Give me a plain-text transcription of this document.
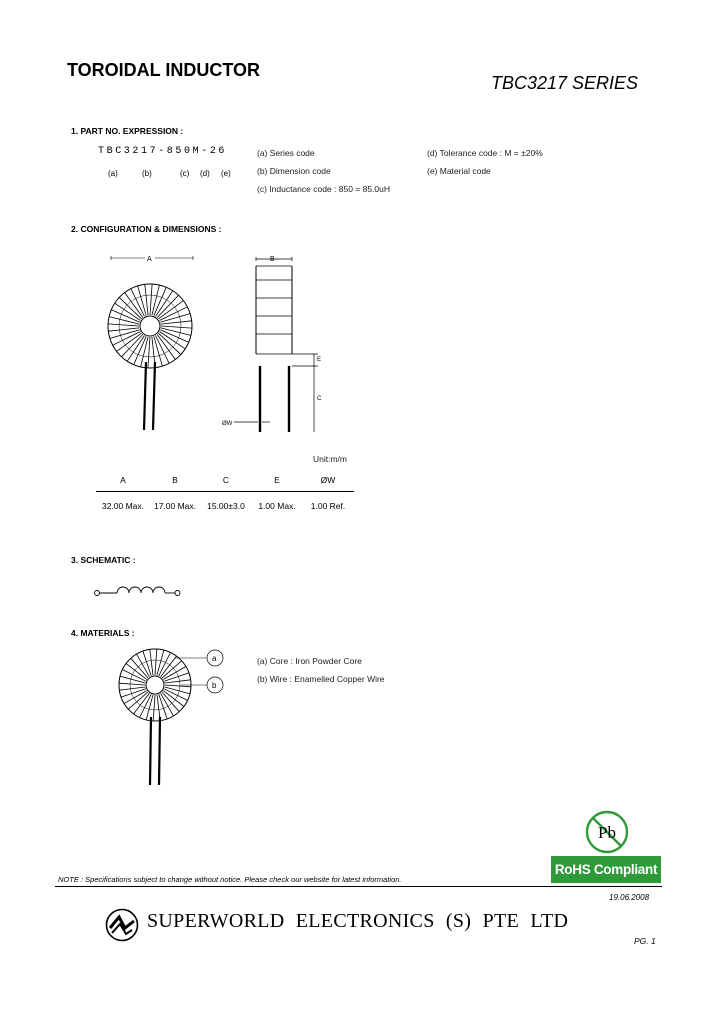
TOROIDAL INDUCTOR
TBC3217 SERIES
1. PART NO. EXPRESSION :
TBC3217-850M-26
(a)	(b)	(c) (d) (e)
(a) Series code
(b) Dimension code
(c) Inductance code : 850 = 85.0uH
(d) Tolerance code : M = ±20%
(e) Material code
2. CONFIGURATION & DIMENSIONS :
A	B
E
C
ØW
Unit:m/m
A	B	C	E	ØW
32.00 Max.	17.00 Max.	15.00±3.0	1.00 Max.	1.00 Ref.
3. SCHEMATIC :
4. MATERIALS :
a
b
(a) Core : Iron Powder Core
(b) Wire : Enamelled Copper Wire
Pb
RoHS Compliant
NOTE : Specifications subject to change without notice. Please check our website for latest information.
19.06.2008
SUPERWORLD ELECTRONICS (S) PTE LTD
PG. 1
